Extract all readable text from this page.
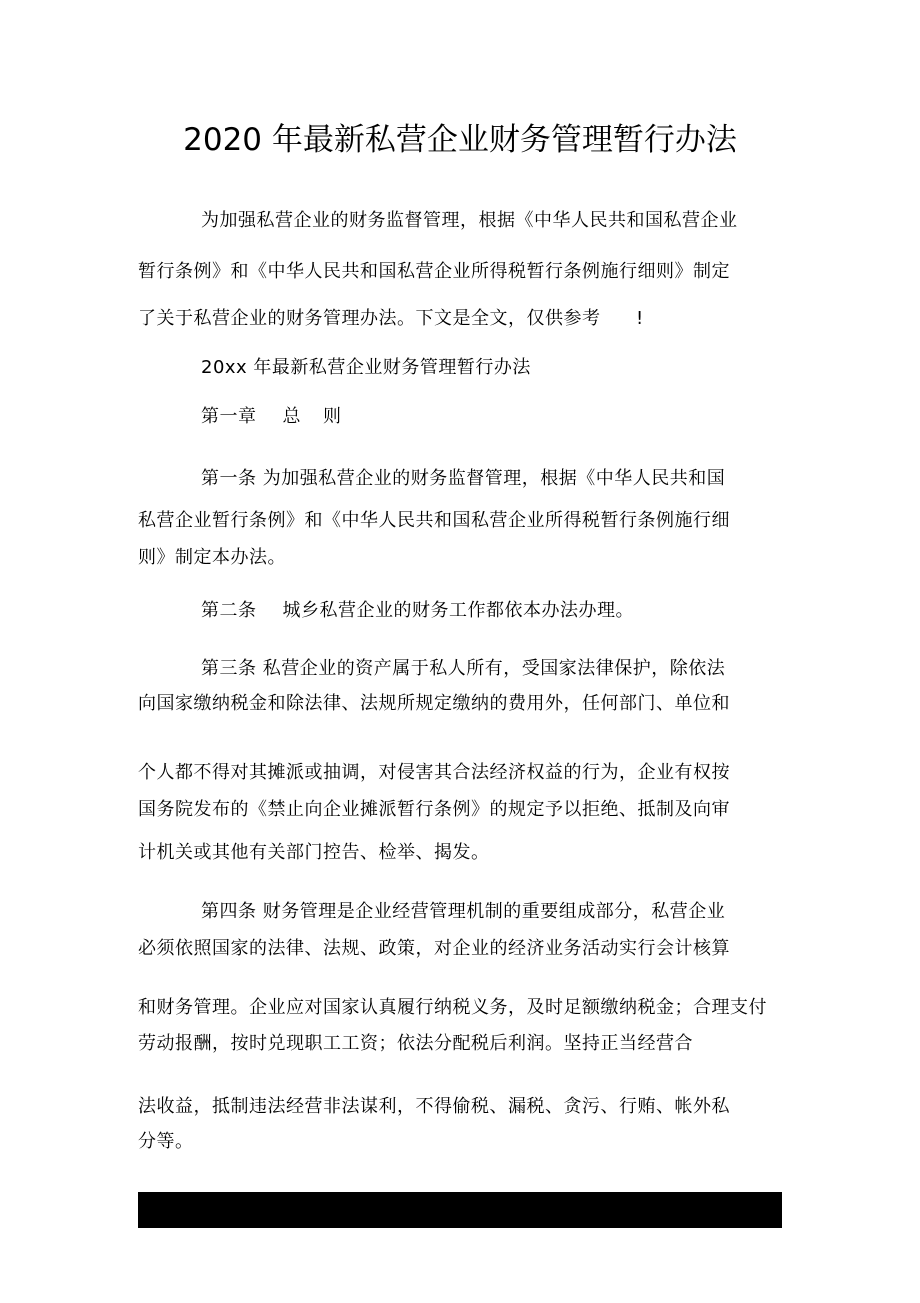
2020 年最新私营企业财务管理暂行办法
为加强私营企业的财务监督管理，根据《中华人民共和国私营企业
暂行条例》和《中华人民共和国私营企业所得税暂行条例施行细则》制定
了关于私营企业的财务管理办法。下文是全文，仅供参考 !
20xx 年最新私营企业财务管理暂行办法
第一章 总 则
第一条 为加强私营企业的财务监督管理，根据《中华人民共和国
私营企业暂行条例》和《中华人民共和国私营企业所得税暂行条例施行细
则》制定本办法。
第二条 城乡私营企业的财务工作都依本办法办理。
第三条 私营企业的资产属于私人所有，受国家法律保护，除依法
向国家缴纳税金和除法律、法规所规定缴纳的费用外，任何部门、单位和
个人都不得对其摊派或抽调，对侵害其合法经济权益的行为，企业有权按
国务院发布的《禁止向企业摊派暂行条例》的规定予以拒绝、抵制及向审
计机关或其他有关部门控告、检举、揭发。
第四条 财务管理是企业经营管理机制的重要组成部分，私营企业
必须依照国家的法律、法规、政策，对企业的经济业务活动实行会计核算
和财务管理。企业应对国家认真履行纳税义务，及时足额缴纳税金；合理支付
劳动报酬，按时兑现职工工资；依法分配税后利润。坚持正当经营合
法收益，抵制违法经营非法谋利，不得偷税、漏税、贪污、行贿、帐外私
分等。
